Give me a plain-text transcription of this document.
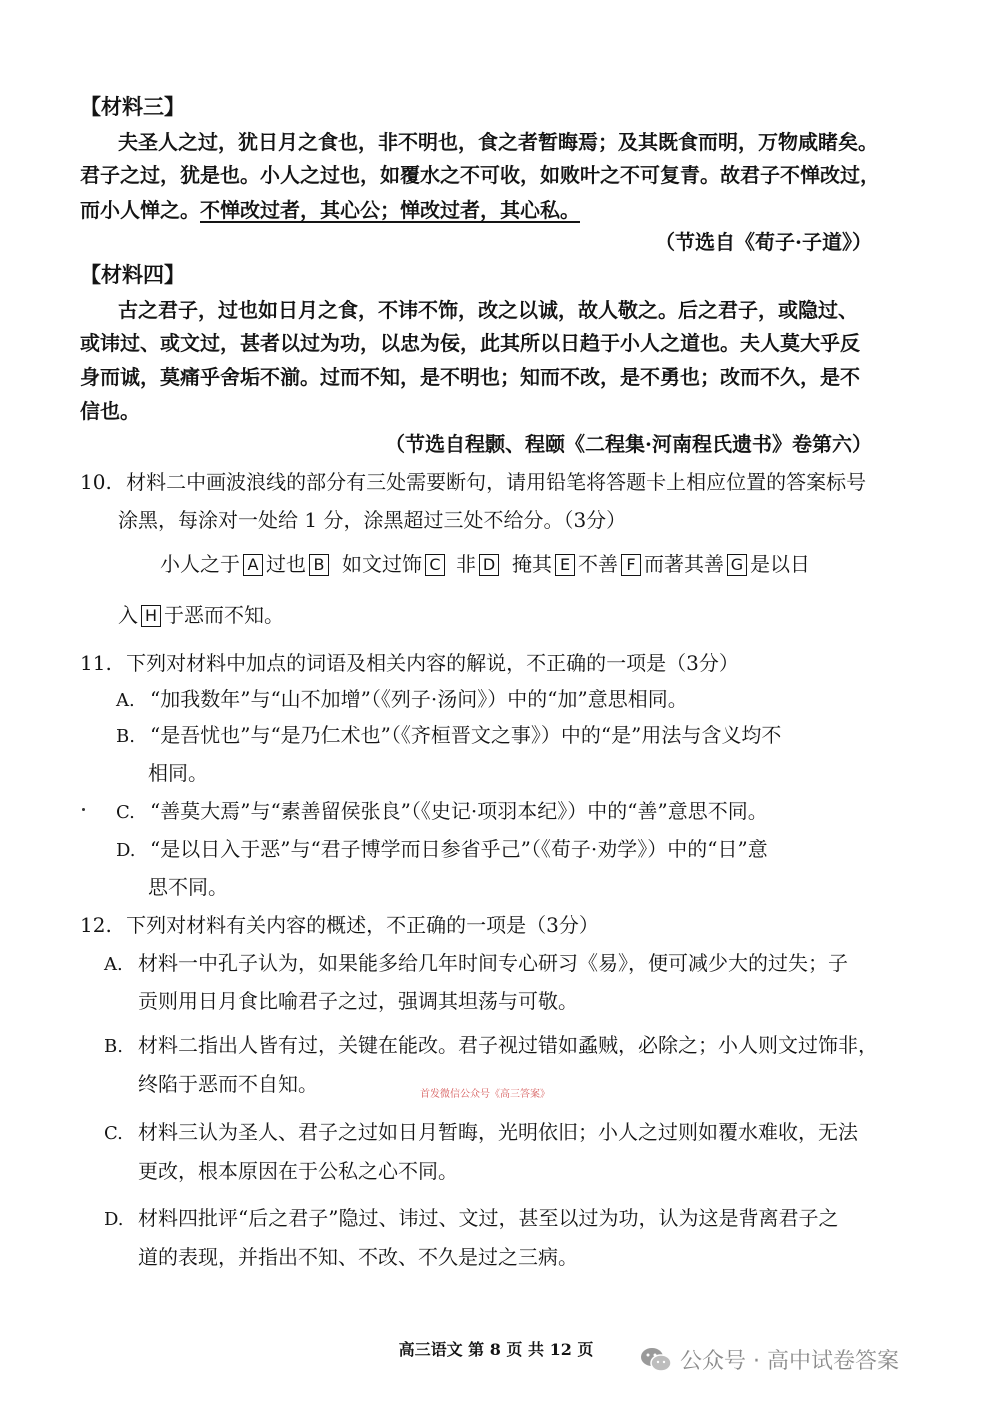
【材料三】
夫圣人之过，犹日月之食也，非不明也，食之者暂晦焉；及其既食而明，万物咸睹矣。
君子之过，犹是也。小人之过也，如覆水之不可收，如败叶之不可复青。故君子不惮改过，
而小人惮之。不惮改过者，其心公；惮改过者，其心私。
（节选自《荀子·子道》）
【材料四】
古之君子，过也如日月之食，不讳不饰，改之以诚，故人敬之。后之君子，或隐过、
或讳过、或文过，甚者以过为功，以忠为佞，此其所以日趋于小人之道也。夫人莫大乎反
身而诚，莫痛乎舍垢不湔。过而不知，是不明也；知而不改，是不勇也；改而不久，是不
信也。
（节选自程颢、程颐《二程集·河南程氏遗书》卷第六）
10. 材料二中画波浪线的部分有三处需要断句，请用铅笔将答题卡上相应位置的答案标号
涂黑，每涂对一处给 1 分，涂黑超过三处不给分。（3分）
小人之于 A 过也 B 如文过饰 C 非 D 掩其 E 不善 F 而著其善 G 是以日
入 H 于恶而不知。
11. 下列对材料中加点的词语及相关内容的解说，不正确的一项是（3分）
A. “加我数年”与“山不加增”（《列子·汤问》）中的“加”意思相同。
B. “是吾忧也”与“是乃仁术也”（《齐桓晋文之事》）中的“是”用法与含义均不
相同。
C. “善莫大焉”与“素善留侯张良”（《史记·项羽本纪》）中的“善”意思不同。
D. “是以日入于恶”与“君子博学而日参省乎己”（《荀子·劝学》）中的“日”意
思不同。
12. 下列对材料有关内容的概述，不正确的一项是（3分）
A. 材料一中孔子认为，如果能多给几年时间专心研习《易》，便可减少大的过失；子
贡则用日月食比喻君子之过，强调其坦荡与可敬。
B. 材料二指出人皆有过，关键在能改。君子视过错如蟊贼，必除之；小人则文过饰非，
终陷于恶而不自知。	首发微信公众号《高三答案》
C. 材料三认为圣人、君子之过如日月暂晦，光明依旧；小人之过则如覆水难收，无法
更改，根本原因在于公私之心不同。
D. 材料四批评“后之君子”隐过、讳过、文过，甚至以过为功，认为这是背离君子之
道的表现，并指出不知、不改、不久是过之三病。
高三语文 第 8 页 共 12 页	公众号 · 高中试卷答案
